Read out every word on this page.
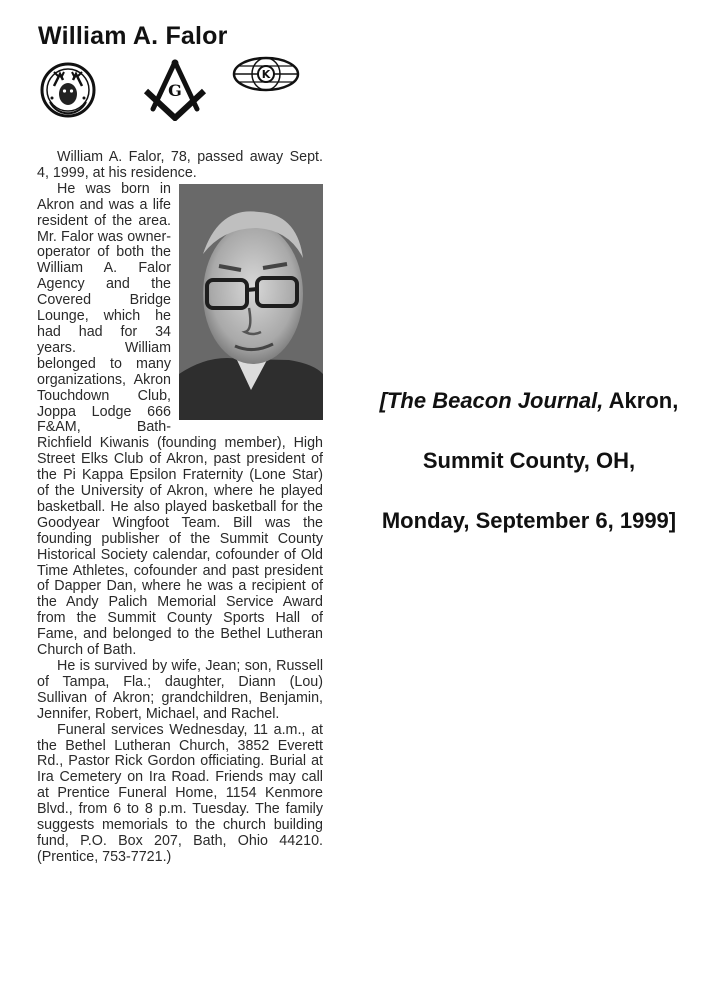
William A. Falor
G
K

William A. Falor, 78, passed away Sept. 4, 1999, at his residence.

He was born in Akron and was a life resident of the area. Mr. Falor was owner-operator of both the William A. Falor Agency and the Covered Bridge Lounge, which he had had for 34 years. William belonged to many organizations, Akron Touchdown Club, Joppa Lodge 666 F&AM, Bath-Richfield Kiwanis (founding member), High Street Elks Club of Akron, past president of the Pi Kappa Epsilon Fraternity (Lone Star) of the University of Akron, where he played basketball. He also played basketball for the Goodyear Wingfoot Team. Bill was the founding publisher of the Summit County Historical Society calendar, cofounder of Old Time Athletes, cofounder and past president of Dapper Dan, where he was a recipient of the Andy Palich Memorial Service Award from the Summit County Sports Hall of Fame, and belonged to the Bethel Lutheran Church of Bath.

He is survived by wife, Jean; son, Russell of Tampa, Fla.; daughter, Diann (Lou) Sullivan of Akron; grandchildren, Benjamin, Jennifer, Robert, Michael, and Rachel.

Funeral services Wednesday, 11 a.m., at the Bethel Lutheran Church, 3852 Everett Rd., Pastor Rick Gordon officiating. Burial at Ira Cemetery on Ira Road. Friends may call at Prentice Funeral Home, 1154 Kenmore Blvd., from 6 to 8 p.m. Tuesday. The family suggests memorials to the church building fund, P.O. Box 207, Bath, Ohio 44210. (Prentice, 753-7721.)

[The Beacon Journal, Akron,
Summit County, OH,
Monday, September 6, 1999]
